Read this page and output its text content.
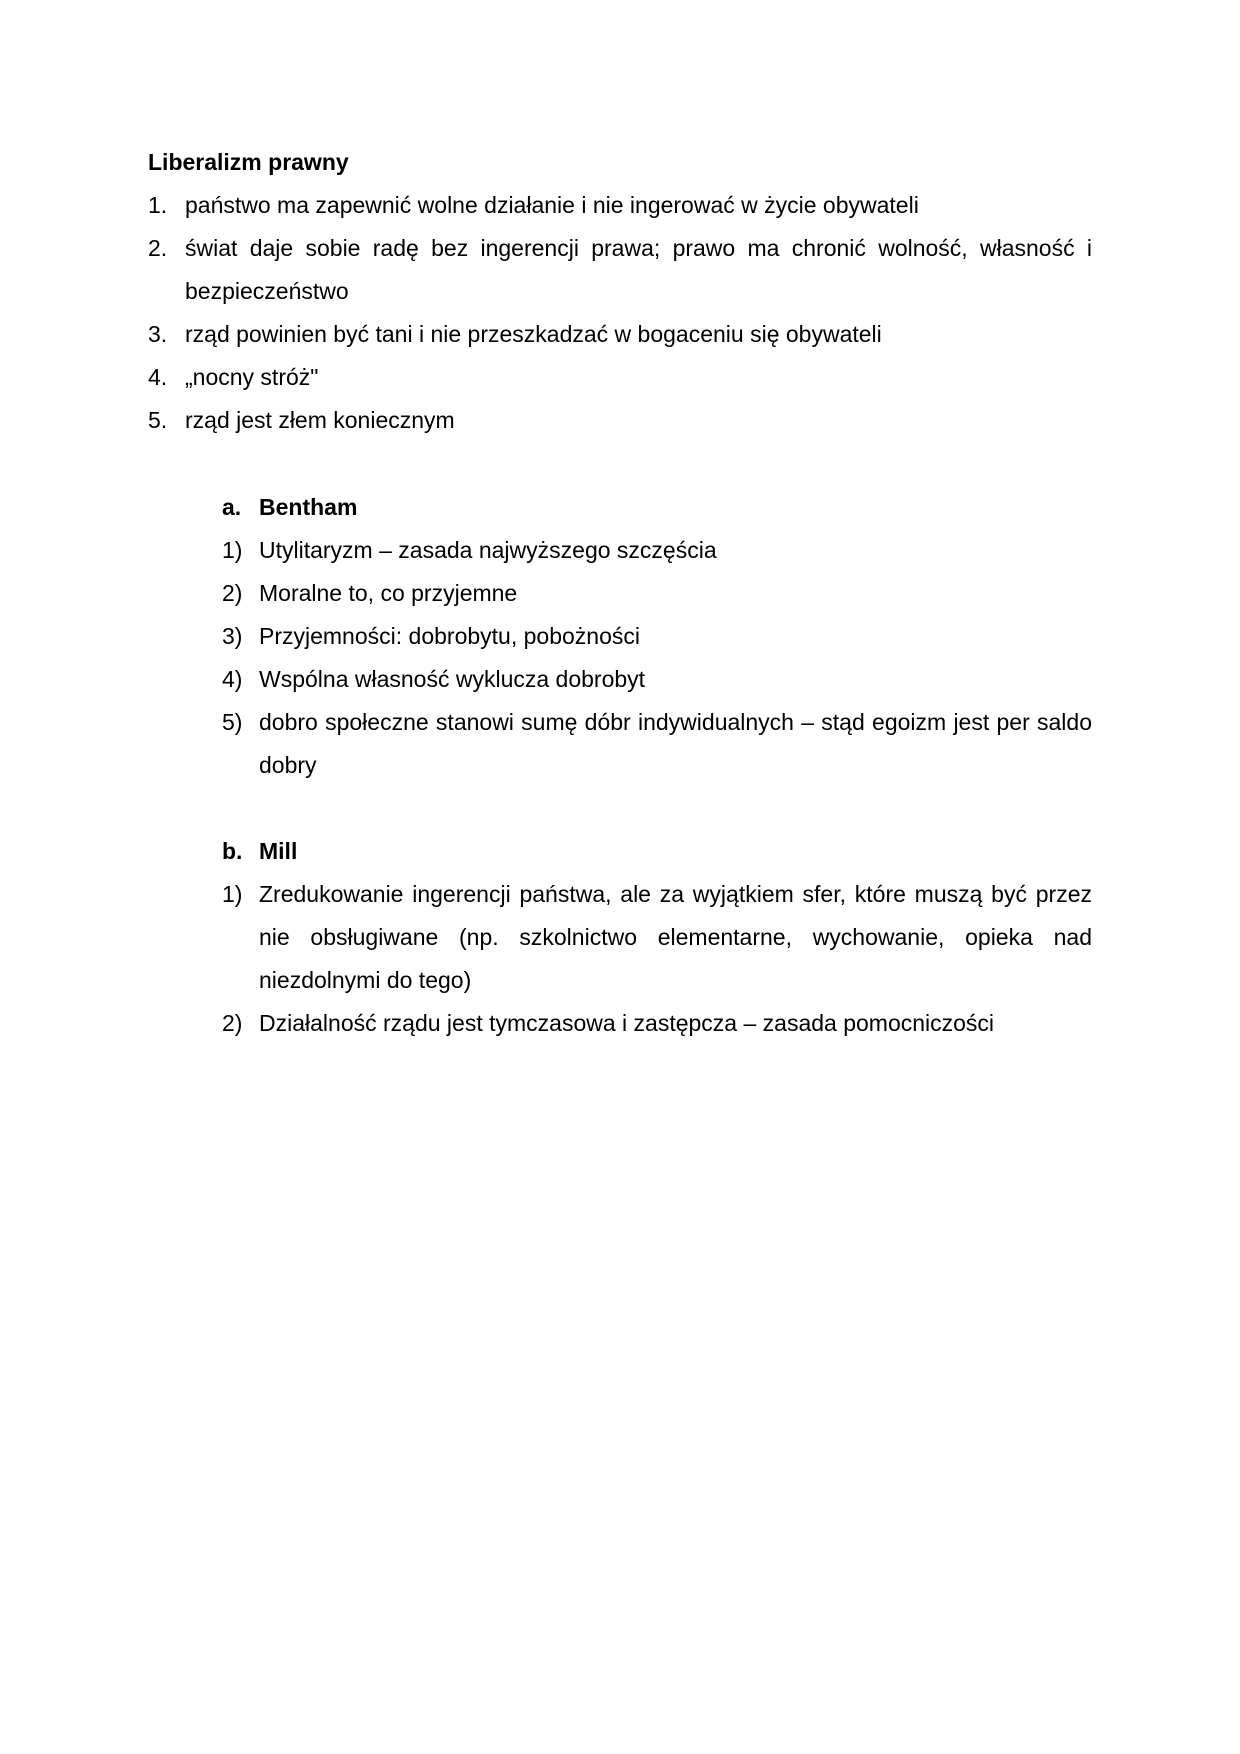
Liberalizm prawny
1. państwo ma zapewnić wolne działanie i nie ingerować w życie obywateli
2. świat daje sobie radę bez ingerencji prawa; prawo ma chronić wolność, własność i bezpieczeństwo
3. rząd powinien być tani i nie przeszkadzać w bogaceniu się obywateli
4. „nocny stróż"
5. rząd jest złem koniecznym
a. Bentham
1) Utylitaryzm – zasada najwyższego szczęścia
2) Moralne to, co przyjemne
3) Przyjemności: dobrobytu, pobożności
4) Wspólna własność wyklucza dobrobyt
5) dobro społeczne stanowi sumę dóbr indywidualnych – stąd egoizm jest per saldo dobry
b. Mill
1) Zredukowanie ingerencji państwa, ale za wyjątkiem sfer, które muszą być przez nie obsługiwane (np. szkolnictwo elementarne, wychowanie, opieka nad niezdolnymi do tego)
2) Działalność rządu jest tymczasowa i zastępcza – zasada pomocniczości
